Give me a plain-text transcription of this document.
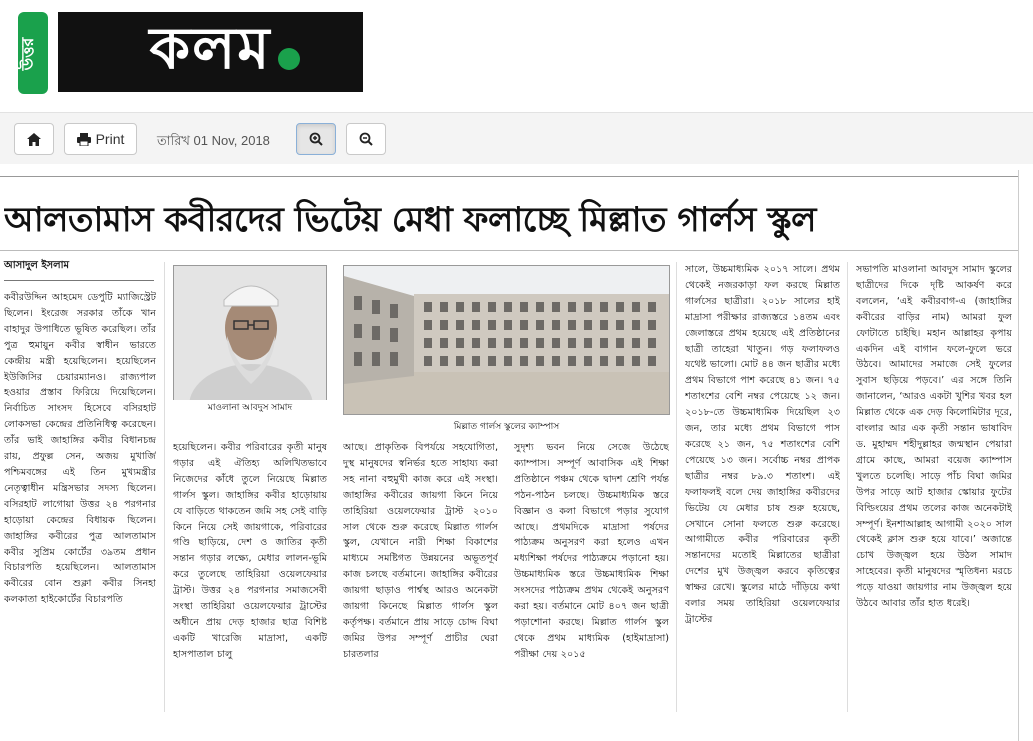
উত্তর কলম
Print	তারিখ 01 Nov, 2018
আলতামাস কবীরদের ভিটেয় মেধা ফলাচ্ছে মিল্লাত গার্লস স্কুল
আসাদুল ইসলাম
কবীরউদ্দিন আহমেদ ডেপুটি ম্যাজিস্ট্রেট ছিলেন। ইংরেজ সরকার তাঁকে খান বাহাদুর উপাধিতে ভূষিত করেছিল। তাঁর পুত্র হুমায়ুন কবীর স্বাধীন ভারতে কেন্দ্রীয় মন্ত্রী হয়েছিলেন। হয়েছিলেন ইউজিসির চেয়ারম্যানও। রাজ্যপাল হওয়ার প্রস্তাব ফিরিয়ে দিয়েছিলেন। নির্বাচিত সাংসদ হিসেবে বসিরহাট লোকসভা কেন্দ্রের প্রতিনিধিত্ব করেছেন। তাঁর ভাই জাহাঙ্গির কবীর বিধানচন্দ্র রায়, প্রফুল্ল সেন, অজয় মুখার্জি পশ্চিমবঙ্গের এই তিন মুখ্যমন্ত্রীর নেতৃত্বাধীন মন্ত্রিসভার সদস্য ছিলেন। বসিরহাট লাগোয়া উত্তর ২৪ পরগনার হাড়োয়া কেন্দ্রের বিধায়ক ছিলেন। জাহাঙ্গির কবীরের পুত্র আলতামাস কবীর সুপ্রিম কোর্টের ৩৯তম প্রধান বিচারপতি হয়েছিলেন। আলতামাস কবীরের বোন শুক্লা কবীর সিনহা কলকাতা হাইকোর্টের বিচারপতি
মাওলানা আবদুস সামাদ
মিল্লাত গার্লস স্কুলের ক্যাম্পাস
হয়েছিলেন। কবীর পরিবারের কৃতী মানুষ গড়ার এই ঐতিহ্য অলিখিতভাবে নিজেদের কাঁধে তুলে নিয়েছে মিল্লাত গার্লস স্কুল। জাহাঙ্গির কবীর হাড়োয়ায় যে বাড়িতে থাকতেন জমি সহ সেই বাড়ি কিনে নিয়ে সেই জায়গাকে, পরিবারের গণ্ডি ছাড়িয়ে, দেশ ও জাতির কৃতী সন্তান গড়ার লক্ষ্যে, মেধার লালন-ভূমি করে তুলেছে তাহিরিয়া ওয়েলফেয়ার ট্রাস্ট। উত্তর ২৪ পরগনার সমাজসেবী সংস্থা তাহিরিয়া ওয়েলফেয়ার ট্রাস্টের অধীনে প্রায় দেড় হাজার ছাত্র বিশিষ্ট একটি খারেজি মাদ্রাসা, একটি হাসপাতাল চালু
আছে। প্রাকৃতিক বিপর্যয়ে সহযোগিতা, দুস্থ মানুষদের স্বনির্ভর হতে সাহায্য করা সহ নানা বহুমুখী কাজ করে এই সংস্থা। জাহাঙ্গির কবীরের জায়গা কিনে নিয়ে তাহিরিয়া ওয়েলফেয়ার ট্রাস্ট ২০১০ সাল থেকে শুরু করেছে মিল্লাত গার্লস স্কুল, যেখানে নারী শিক্ষা বিকাশের মাধ্যমে সমষ্টিগত উন্নয়নের অভূতপূর্ব কাজ চলছে বর্তমানে। জাহাঙ্গির কবীরের জায়গা ছাড়াও পার্শ্বস্থ আরও অনেকটা জায়গা কিনেছে মিল্লাত গার্লস স্কুল কর্তৃপক্ষ। বর্তমানে প্রায় সাড়ে চোদ্দ বিঘা জমির উপর সম্পূর্ণ প্রাচীর ঘেরা চারতলার
সুদৃশ্য ভবন নিয়ে সেজে উঠেছে ক্যাম্পাস। সম্পূর্ণ আবাসিক এই শিক্ষা প্রতিষ্ঠানে পঞ্চম থেকে দ্বাদশ শ্রেণি পর্যন্ত পঠন-পাঠন চলছে। উচ্চমাধ্যমিক স্তরে বিজ্ঞান ও কলা বিভাগে পড়ার সুযোগ আছে। প্রথমদিকে মাদ্রাসা পর্ষদের পাঠ্যক্রম অনুসরণ করা হলেও এখন মধ্যশিক্ষা পর্ষদের পাঠ্যক্রমে পড়ানো হয়। উচ্চমাধ্যমিক স্তরে উচ্চমাধ্যমিক শিক্ষা সংসদের পাঠ্যক্রম প্রথম থেকেই অনুসরণ করা হয়। বর্তমানে মোট ৪০৭ জন ছাত্রী পড়াশোনা করছে। মিল্লাত গার্লস স্কুল থেকে প্রথম মাধ্যমিক (হাইমাদ্রাসা) পরীক্ষা দেয় ২০১৫
সালে, উচ্চমাধ্যমিক ২০১৭ সালে। প্রথম থেকেই নজরকাড়া ফল করছে মিল্লাত গার্লসের ছাত্রীরা। ২০১৮ সালের হাই মাদ্রাসা পরীক্ষার রাজ্যস্তরে ১৪তম এবং জেলাস্তরে প্রথম হয়েছে এই প্রতিষ্ঠানের ছাত্রী তাহেরা খাতুন। গড় ফলাফলও যথেষ্ট ভালো। মোট ৪৪ জন ছাত্রীর মধ্যে প্রথম বিভাগে পাশ করেছে ৪১ জন। ৭৫ শতাংশের বেশি নম্বর পেয়েছে ১২ জন। ২০১৮-তে উচ্চমাধ্যমিক দিয়েছিল ২৩ জন, তার মধ্যে প্রথম বিভাগে পাস করেছে ২১ জন, ৭৫ শতাংশের বেশি পেয়েছে ১৩ জন। সর্বোচ্চ নম্বর প্রাপক ছাত্রীর নম্বর ৮৯.৩ শতাংশ। এই ফলাফলই বলে দেয় জাহাঙ্গির কবীরদের ভিটেয় যে মেধার চাষ শুরু হয়েছে, সেখানে সোনা ফলতে শুরু করেছে। আগামীতে কবীর পরিবারের কৃতী সন্তানদের মতোই মিল্লাতের ছাত্রীরা দেশের মুখ উজ্জ্বল করবে কৃতিত্বের স্বাক্ষর রেখে। স্কুলের মাঠে দাঁড়িয়ে কথা বলার সময় তাহিরিয়া ওয়েলফেয়ার ট্রাস্টের
সভাপতি মাওলানা আবদুস সামাদ স্কুলের ছাত্রীদের দিকে দৃষ্টি আকর্ষণ করে বললেন, ‘এই কবীরবাগ-এ (জাহাঙ্গির কবীরের বাড়ির নাম) আমরা ফুল ফোটাতে চাইছি। মহান আল্লাহর কৃপায় একদিন এই বাগান ফলে-ফুলে ভরে উঠবে। আমাদের সমাজে সেই ফুলের সুবাস ছড়িয়ে পড়বে।’ এর সঙ্গে তিনি জানালেন, ‘আরও একটা খুশির খবর হল মিল্লাত থেকে এক দেড় কিলোমিটার দূরে, বাংলার আর এক কৃতী সন্তান ভাষাবিদ ড. মুহাম্মদ শহীদুল্লাহর জন্মস্থান পেয়ারা গ্রামে কাছে, আমরা বয়েজ ক্যাম্পাস খুলতে চলেছি। সাড়ে পাঁচ বিঘা জমির উপর সাড়ে আট হাজার স্কোয়ার ফুটের বিল্ডিংয়ের প্রথম তলের কাজ অনেকটাই সম্পূর্ণ। ইনশাআল্লাহ আগামী ২০২০ সাল থেকেই ক্লাস শুরু হয়ে যাবে।’ অজান্তে চোখ উজ্জ্বল হয়ে উঠল সামাদ সাহেবের। কৃতী মানুষদের স্মৃতিধন্য মরচে পড়ে যাওয়া জায়গার নাম উজ্জ্বল হয়ে উঠবে আবার তাঁর হাত ধরেই।
